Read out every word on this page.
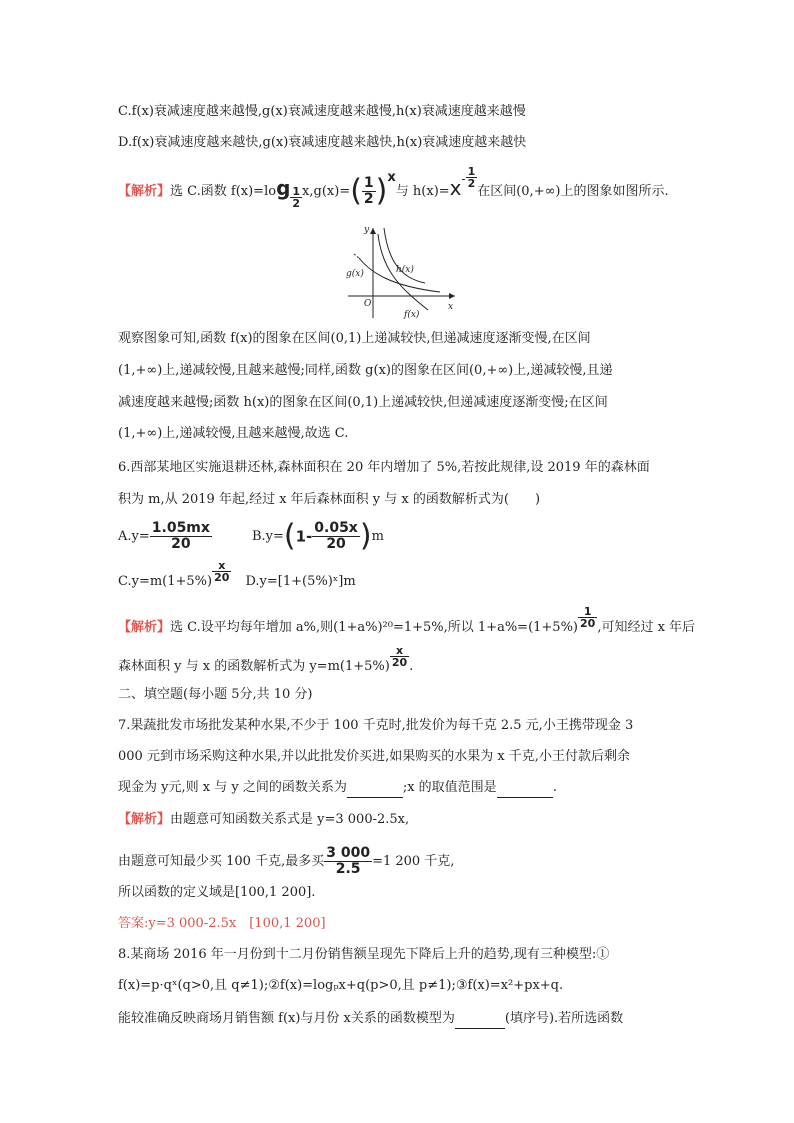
C.f(x)衰减速度越来越慢,g(x)衰减速度越来越慢,h(x)衰减速度越来越慢
D.f(x)衰减速度越来越快,g(x)衰减速度越来越快,h(x)衰减速度越来越快
【解析】选 C.函数 $f(x)=\log \frac{1}{2} x,g(x)=( \frac{1}{2} )x$与 $h(x)=x- \frac{1}{2}$
在区间(0,+∞)上的图象如图所示.
y
x
O
g(x)	h(x)
f(x)
观察图象可知,函数 f(x)的图象在区间(0,1)上递减较快,但递减速度逐渐变慢,在区间
(1,+∞)上,递减较慢,且越来越慢;同样,函数 g(x)的图象在区间(0,+∞)上,递减较慢,且递
减速度越来越慢;函数 h(x)的图象在区间(0,1)上递减较快,但递减速度逐渐变慢;在区间
(1,+∞)上,递减较慢,且越来越慢,故选 C.
6.西部某地区实施退耕还林,森林面积在 20 年内增加了 5%,若按此规律,设 2019 年的森林面
积为 m,从 2019 年起,经过 x 年后森林面积 y 与 x 的函数解析式为(　　)
$A.y= \frac{1.05mx}{20}$	$B.y=(1- \frac{0.05x}{20} )m$
$C.y=m(1+5\%) \frac{x}{20}$ D.y=[1+(5%)ˣ]m
【解析】选 C.设平均每年增加 a%,则(1+a%)²⁰=1+5%,所以 $1+a\%=(1+5\%) \frac{1}{20}$ ,可知经过 x 年后
森林面积 y 与 x 的函数解析式为 $y=m(1+5\%) \frac{x}{20}$ .
二、填空题(每小题 5分,共 10 分)
7.果蔬批发市场批发某种水果,不少于 100 千克时,批发价为每千克 2.5 元,小王携带现金 3
000 元到市场采购这种水果,并以此批发价买进,如果购买的水果为 x 千克,小王付款后剩余
现金为 y元,则 x 与 y 之间的函数关系为	;x 的取值范围是	.
【解析】由题意可知函数关系式是 y=3 000-2.5x,
由题意可知最少买 100 千克,最多买 $\frac{3 000}{2.5} =1$ 200 千克,
所以函数的定义域是[100,1 200].
答案:y=3 000-2.5x　[100,1 200]
8.某商场 2016 年一月份到十二月份销售额呈现先下降后上升的趋势,现有三种模型:①
f(x)=p·qˣ(q>0,且 q≠1);②f(x)=logₚx+q(p>0,且 p≠1);③f(x)=x²+px+q.
能较准确反映商场月销售额 f(x)与月份 x关系的函数模型为	(填序号).若所选函数
